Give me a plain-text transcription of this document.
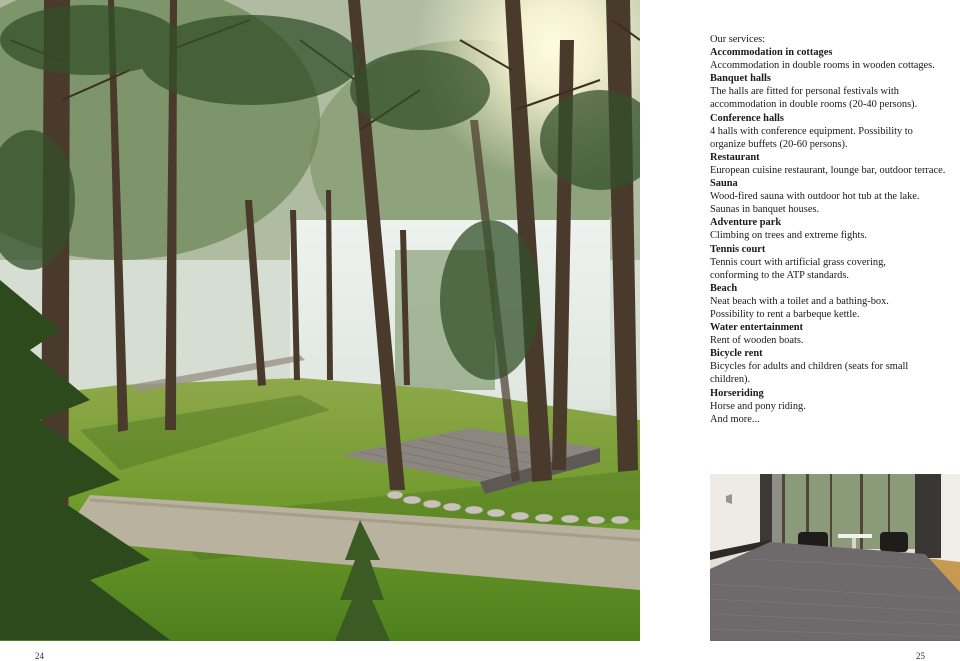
Our services:
Accommodation in cottages
Accommodation in double rooms in wooden cottages.
Banquet halls
The halls are fitted for personal festivals with
accommodation in double rooms (20-40 persons).
Conference halls
4 halls with conference equipment. Possibility to
organize buffets (20-60 persons).
Restaurant
European cuisine restaurant, lounge bar, outdoor terrace.
Sauna
Wood-fired sauna with outdoor hot tub at the lake.
Saunas in banquet houses.
Adventure park
Climbing on trees and extreme fights.
Tennis court
Tennis court with artificial grass covering,
conforming to the ATP standards.
Beach
Neat beach with a toilet and a bathing-box.
Possibility to rent a barbeque kettle.
Water entertainment
Rent of wooden boats.
Bicycle rent
Bicycles for adults and children (seats for small children).
Horseriding
Horse and pony riding.
And more...
24	25
